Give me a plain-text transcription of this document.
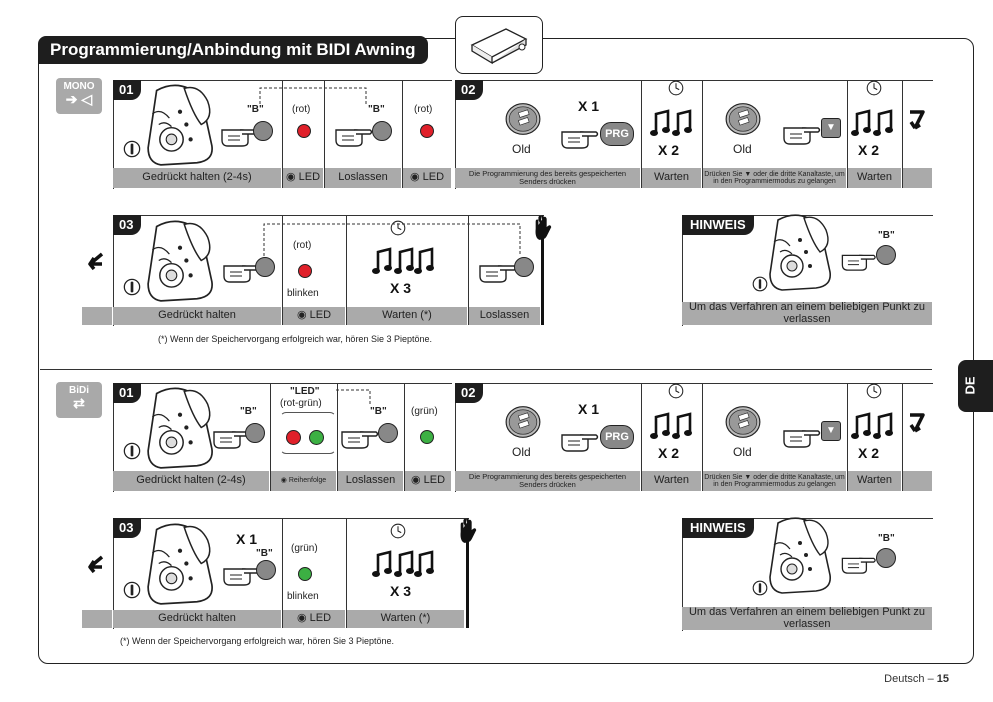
Programmierung/Anbindung mit BIDI Awning
MONO
➔ ◁
01
"B"	(rot)	"B"	(rot)
Gedrückt halten (2-4s)	◉ LED	Loslassen	◉ LED
02
Old
X 1
PRG
X 2	Old
▼
X 2
Die Programmierung des bereits gespeicherten Senders drücken	Warten	Drücken Sie ▼ oder die dritte Kanaltaste, um in den Programmiermodus zu gelangen	Warten
03
(rot)
blinken	X 3
Gedrückt halten	◉ LED	Warten (*)	Loslassen
(*) Wenn der Speichervorgang erfolgreich war, hören Sie 3 Pieptöne.
HINWEIS
"B"
Um das Verfahren an einem beliebigen Punkt zu verlassen
BiDi
⇄
01
"B"
"LED"
(rot-grün)
"B" (grün)
Gedrückt halten (2-4s)	◉ Reihenfolge	Loslassen	◉ LED
02
Old
X 1
PRG
X 2	Old
▼
X 2
Die Programmierung des bereits gespeicherten Senders drücken	Warten	Drücken Sie ▼ oder die dritte Kanaltaste, um in den Programmiermodus zu gelangen	Warten
03
X 1
"B" (grün)
blinken	X 3
Gedrückt halten	◉ LED	Warten (*)
(*) Wenn der Speichervorgang erfolgreich war, hören Sie 3 Pieptöne.
HINWEIS
"B"
Um das Verfahren an einem beliebigen Punkt zu verlassen
DE
Deutsch – 15
